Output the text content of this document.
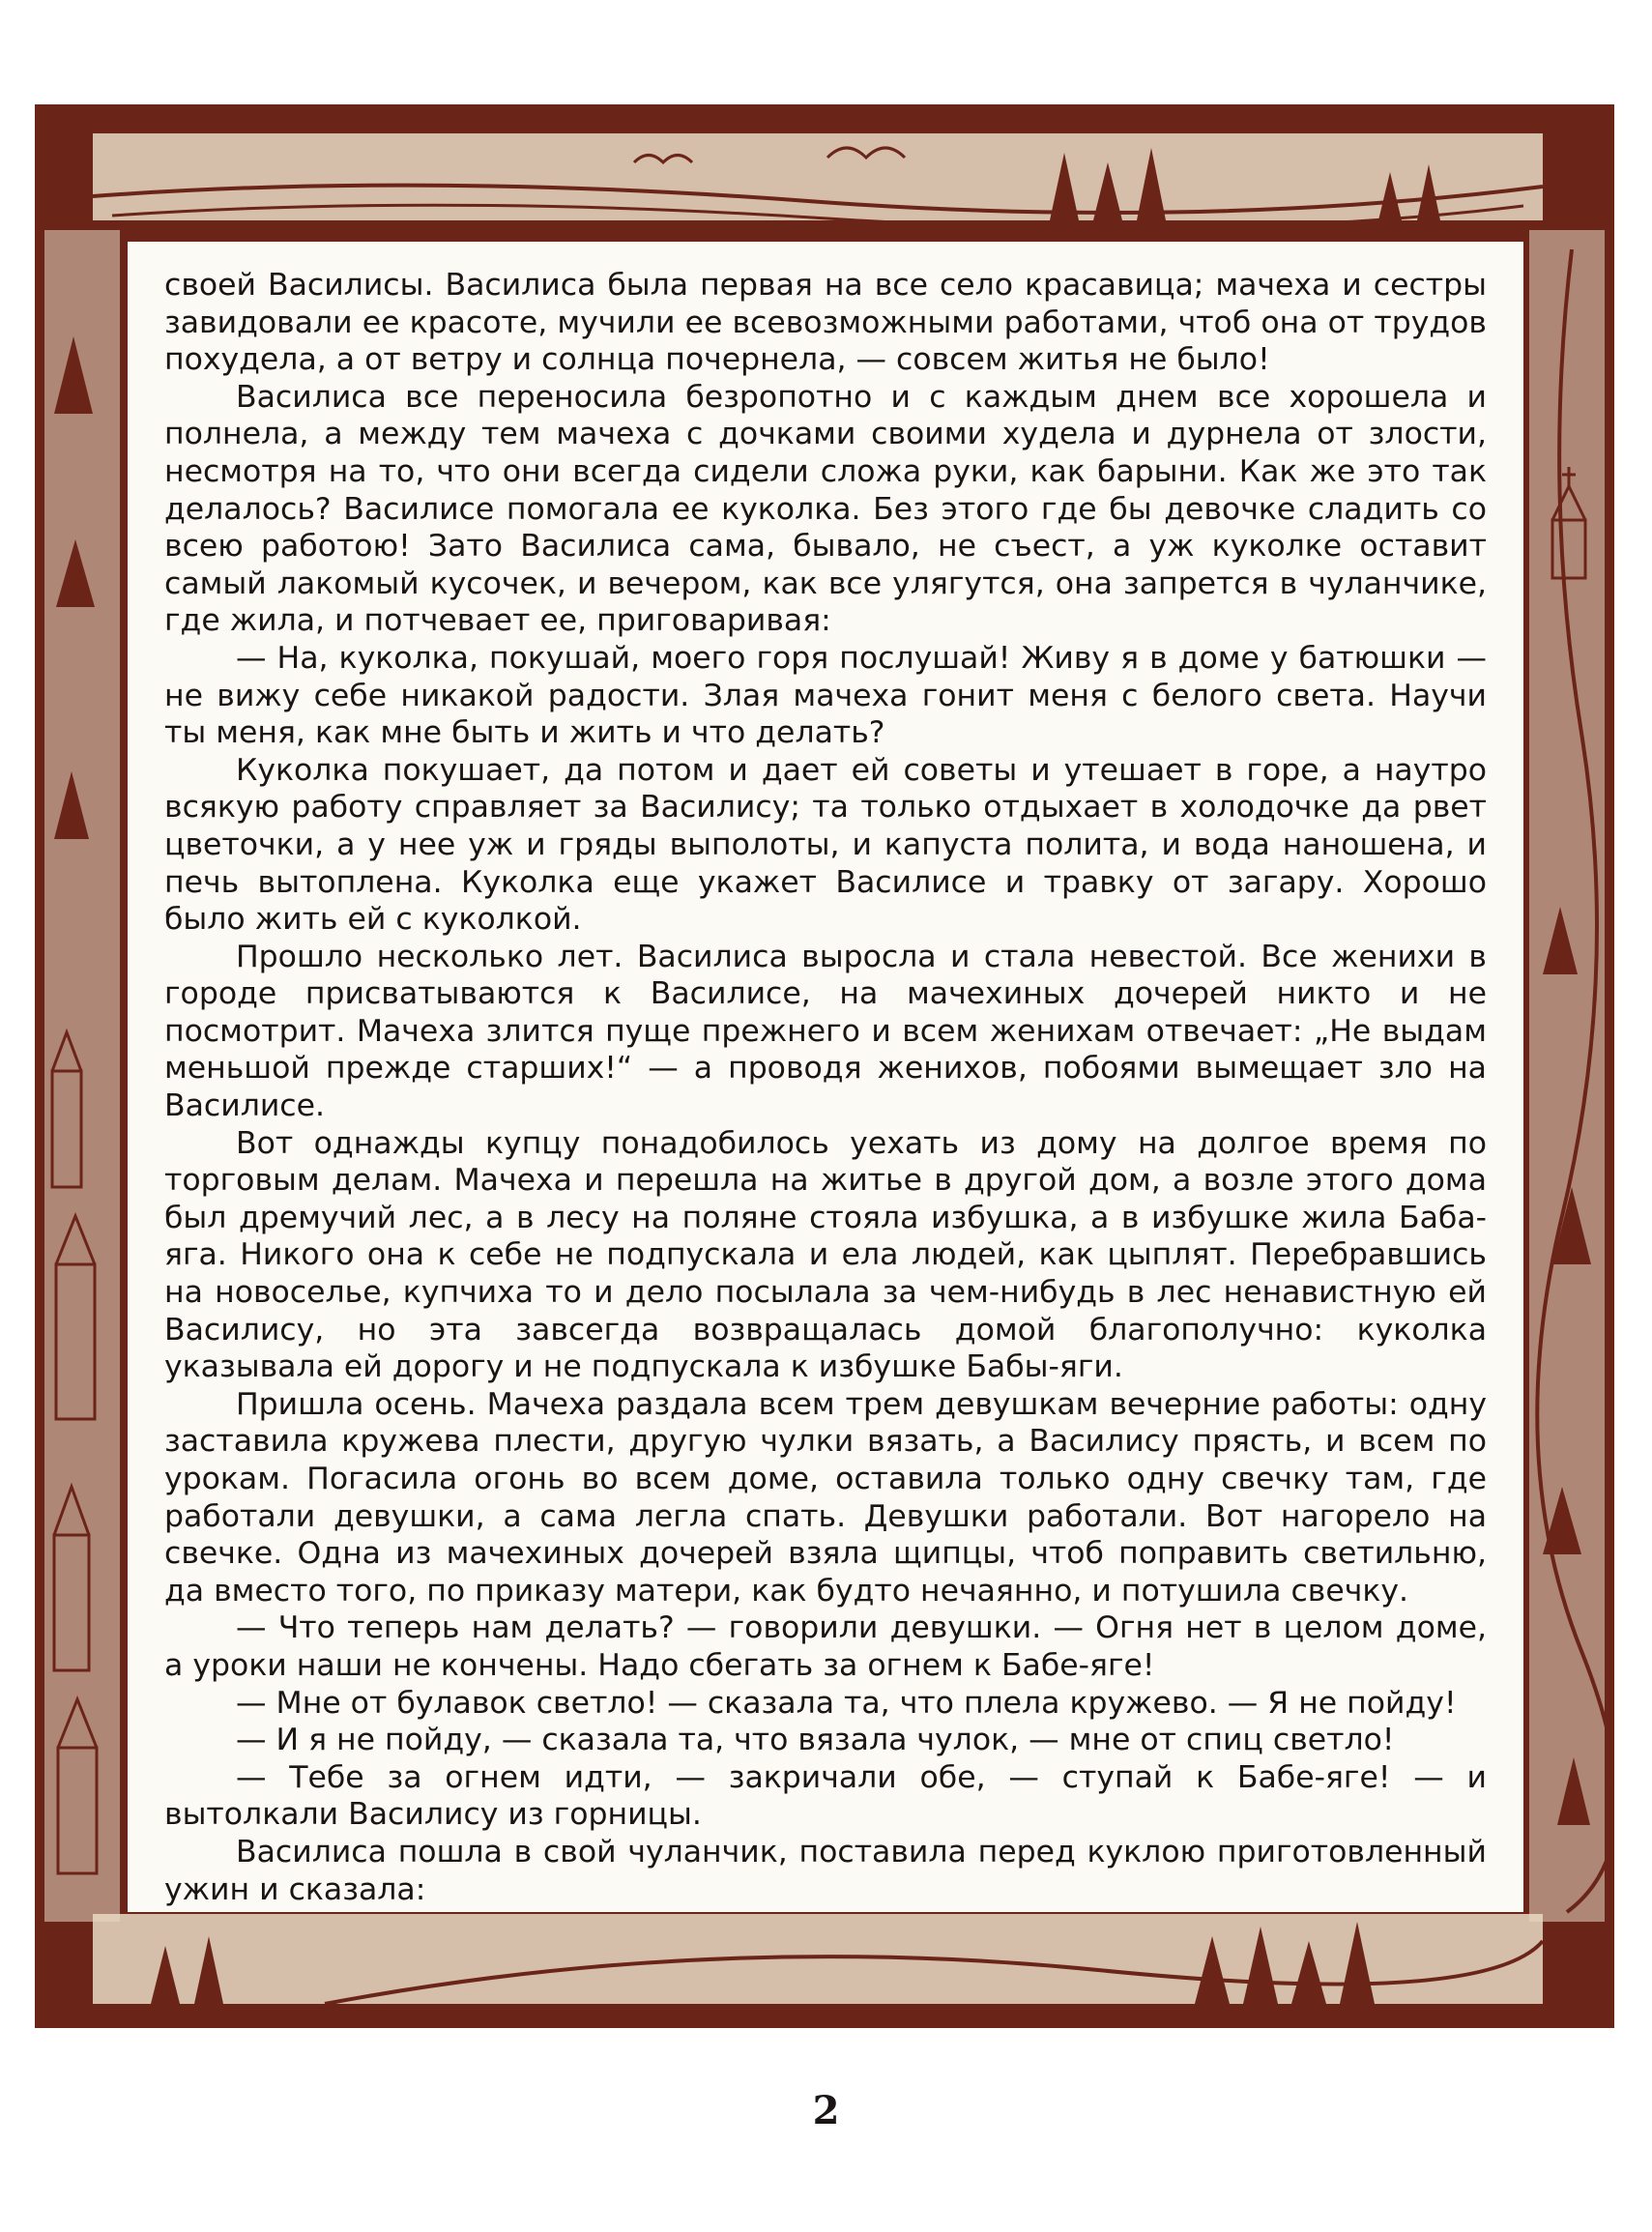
своей Василисы. Василиса была первая на все село красавица; мачеха и сестры завидовали ее красоте, мучили ее всевозможными работами, чтоб она от трудов похудела, а от ветру и солнца почернела, — совсем житья не было!

Василиса все переносила безропотно и с каждым днем все хорошела и полнела, а между тем мачеха с дочками своими худела и дурнела от злости, несмотря на то, что они всегда сидели сложа руки, как барыни. Как же это так делалось? Василисе помогала ее куколка. Без этого где бы девочке сладить со всею работою! Зато Василиса сама, бывало, не съест, а уж куколке оставит самый лакомый кусочек, и вечером, как все улягутся, она запрется в чуланчике, где жила, и потчевает ее, приговаривая:

— На, куколка, покушай, моего горя послушай! Живу я в доме у батюшки — не вижу себе никакой радости. Злая мачеха гонит меня с белого света. Научи ты меня, как мне быть и жить и что делать?

Куколка покушает, да потом и дает ей советы и утешает в горе, а наутро всякую работу справляет за Василису; та только отдыхает в холодочке да рвет цветочки, а у нее уж и гряды выполоты, и капуста полита, и вода наношена, и печь вытоплена. Куколка еще укажет Василисе и травку от загару. Хорошо было жить ей с куколкой.

Прошло несколько лет. Василиса выросла и стала невестой. Все женихи в городе присватываются к Василисе, на мачехиных дочерей никто и не посмотрит. Мачеха злится пуще прежнего и всем женихам отвечает: „Не выдам меньшой прежде старших!“ — а проводя женихов, побоями вымещает зло на Василисе.

Вот однажды купцу понадобилось уехать из дому на долгое время по торговым делам. Мачеха и перешла на житье в другой дом, а возле этого дома был дремучий лес, а в лесу на поляне стояла избушка, а в избушке жила Баба-яга. Никого она к себе не подпускала и ела людей, как цыплят. Перебравшись на новоселье, купчиха то и дело посылала за чем-нибудь в лес ненавистную ей Василису, но эта завсегда возвращалась домой благополучно: куколка указывала ей дорогу и не подпускала к избушке Бабы-яги.

Пришла осень. Мачеха раздала всем трем девушкам вечерние работы: одну заставила кружева плести, другую чулки вязать, а Василису прясть, и всем по урокам. Погасила огонь во всем доме, оставила только одну свечку там, где работали девушки, а сама легла спать. Девушки работали. Вот нагорело на свечке. Одна из мачехиных дочерей взяла щипцы, чтоб поправить светильню, да вместо того, по приказу матери, как будто нечаянно, и потушила свечку.

— Что теперь нам делать? — говорили девушки. — Огня нет в целом доме, а уроки наши не кончены. Надо сбегать за огнем к Бабе-яге!

— Мне от булавок светло! — сказала та, что плела кружево. — Я не пойду!

— И я не пойду, — сказала та, что вязала чулок, — мне от спиц светло!

— Тебе за огнем идти, — закричали обе, — ступай к Бабе-яге! — и вытолкали Василису из горницы.

Василиса пошла в свой чуланчик, поставила перед куклою приготовленный ужин и сказала:

2
